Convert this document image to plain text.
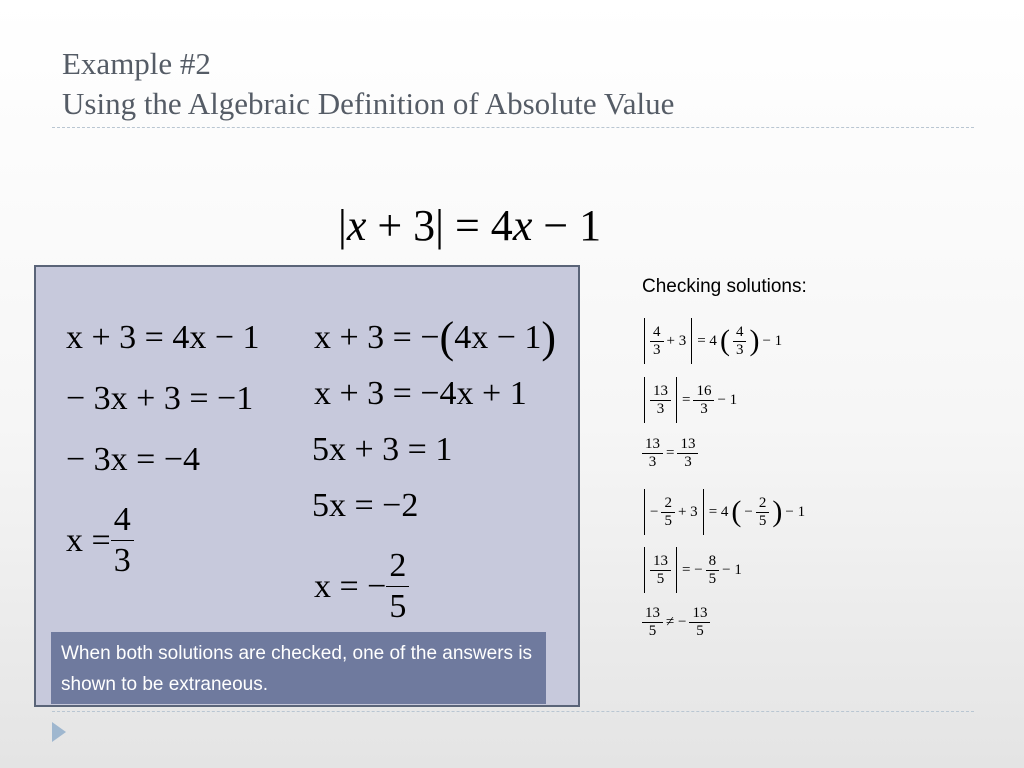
Example #2
Using the Algebraic Definition of Absolute Value
|x + 3| = 4x − 1
x + 3 = 4x − 1
− 3x + 3 = −1
− 3x = −4
$x = \frac{4}{3}$
x + 3 = −(4x − 1)
x + 3 = −4x + 1
5x + 3 = 1
5x = −2
x = − $\frac{2}{5}$
When both solutions are checked, one of the answers is shown to be extraneous.
Checking solutions:
$\frac{4}{3} + 3 = 4$ ( $\frac{4}{3}$ ) − 1
$\frac{13}{3} = \frac{16}{3} - 1$
$\frac{13}{3} = \frac{13}{3}$
− $\frac{2}{5} + 3 = 4$ ( − $\frac{2}{5}$ ) − 1
$\frac{13}{5}$ = − $\frac{8}{5} - 1$
$\frac{13}{5}$ ≠ − $\frac{13}{5}$
